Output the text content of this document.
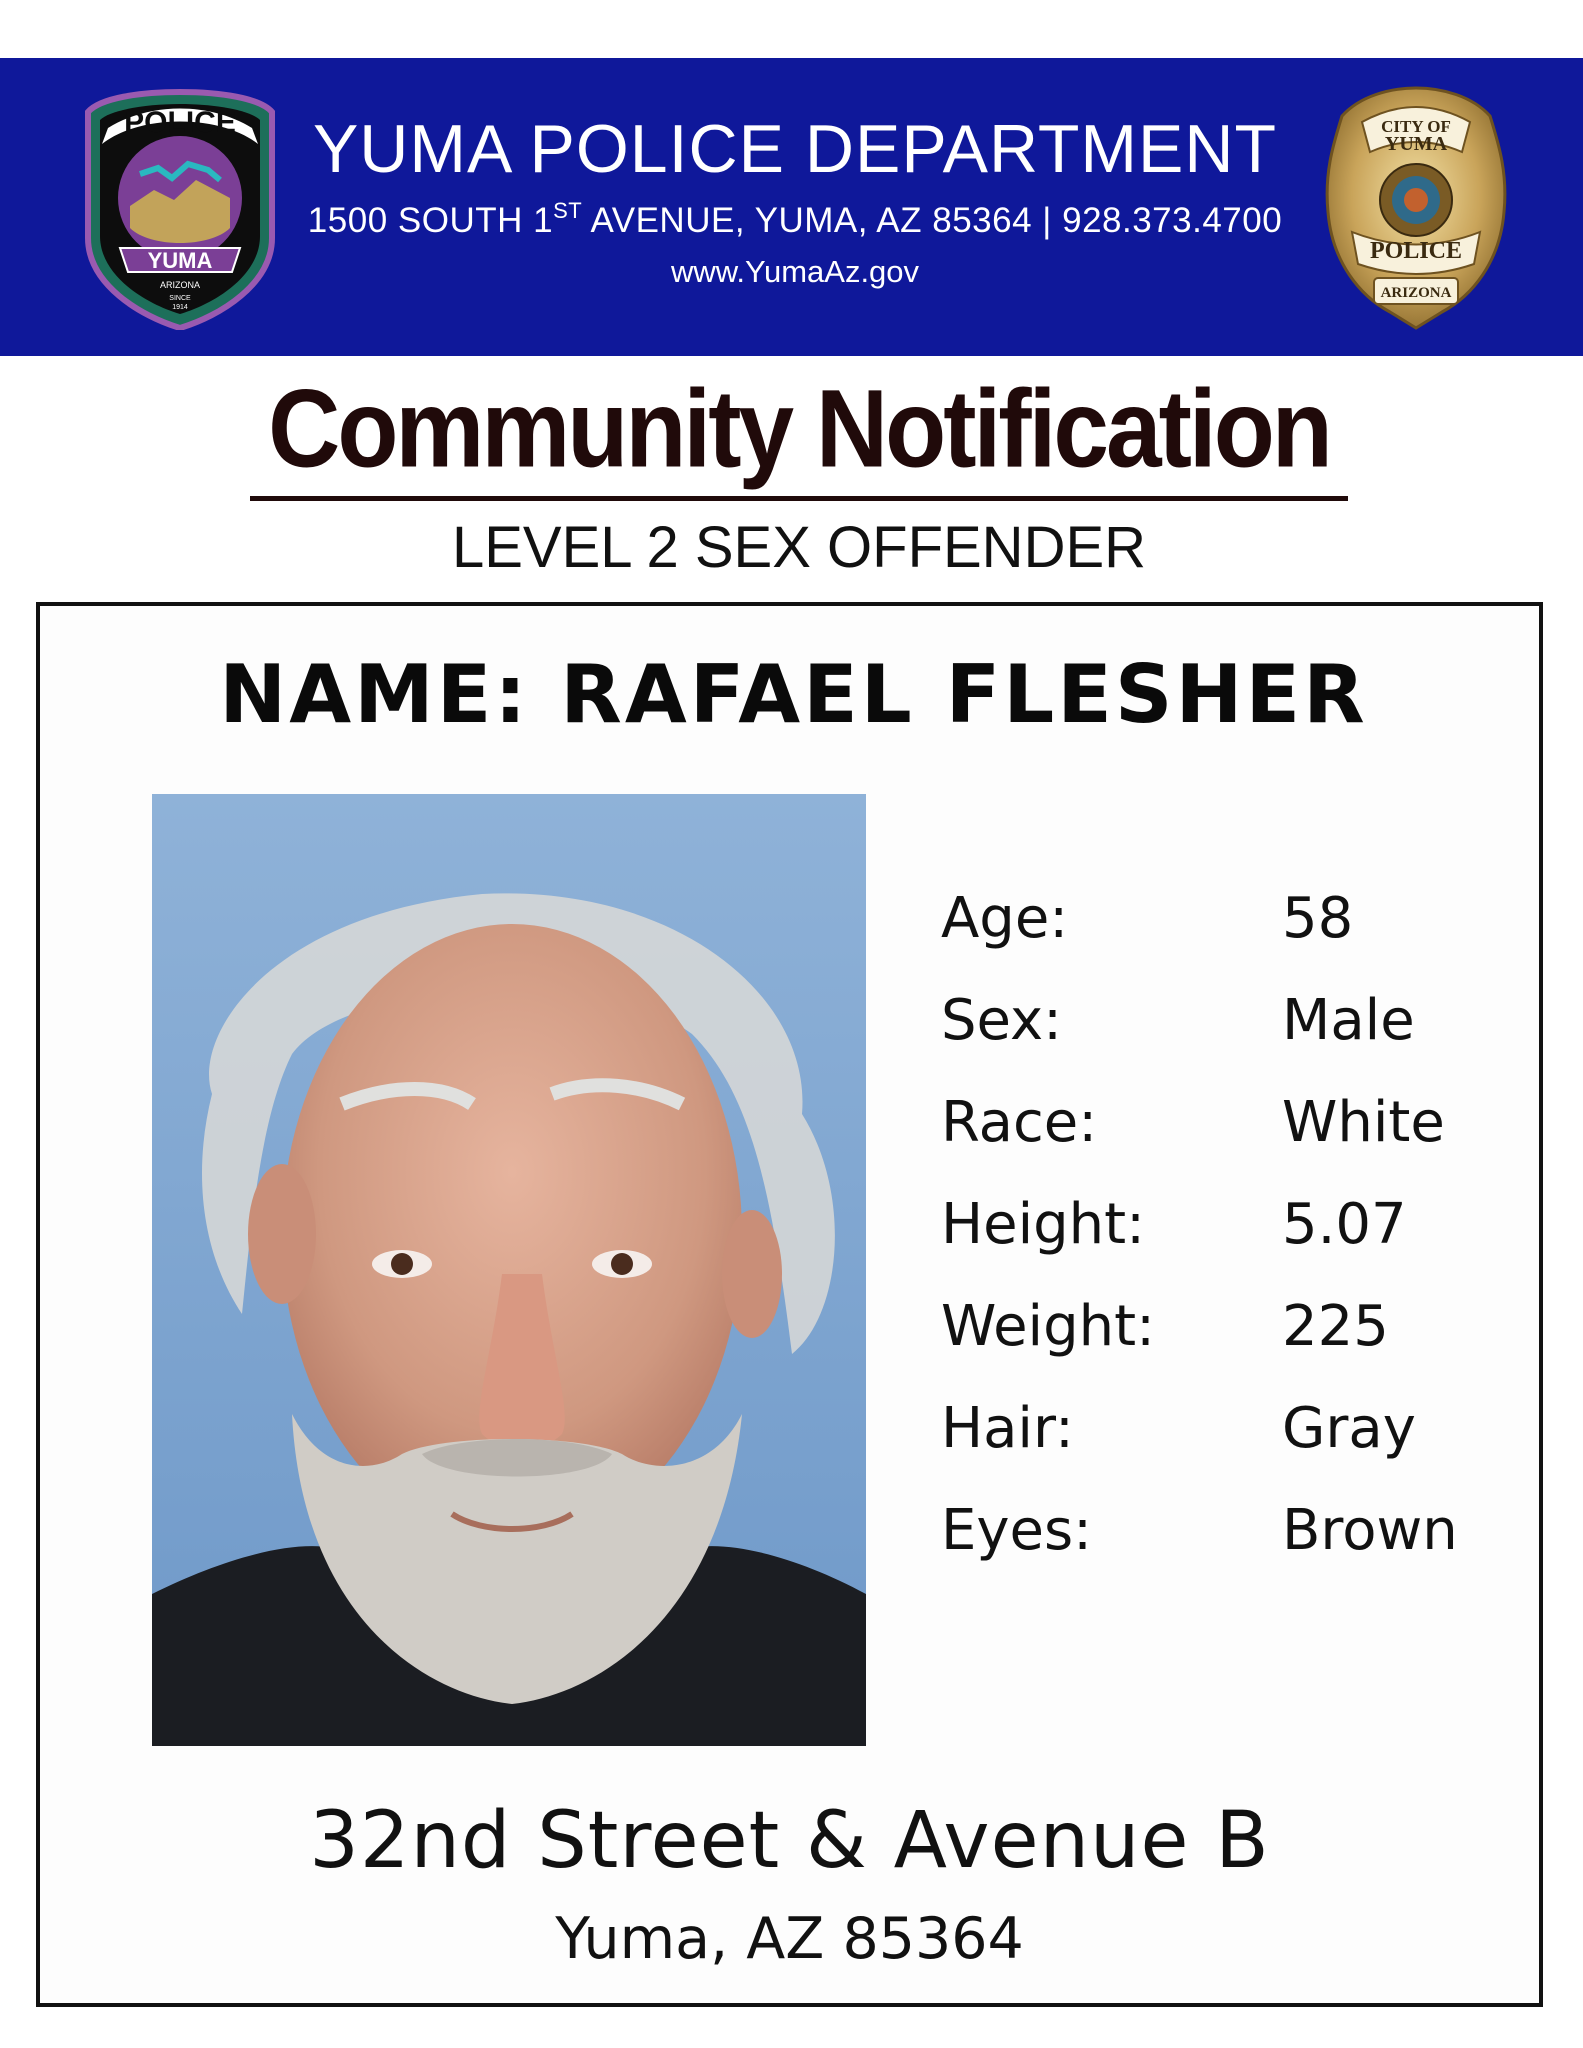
POLICE
YUMA
ARIZONA
SINCE
1914
YUMA POLICE DEPARTMENT
1500 SOUTH 1ST AVENUE, YUMA, AZ 85364 | 928.373.4700
www.YumaAz.gov
CITY OF
YUMA
POLICE
ARIZONA
Community Notification
LEVEL 2 SEX OFFENDER
NAME: RAFAEL FLESHER
Age:	58
Sex:	Male
Race:	White
Height: 5.07
Weight: 225
Hair:	Gray
Eyes:	Brown
32nd Street & Avenue B
Yuma, AZ 85364
